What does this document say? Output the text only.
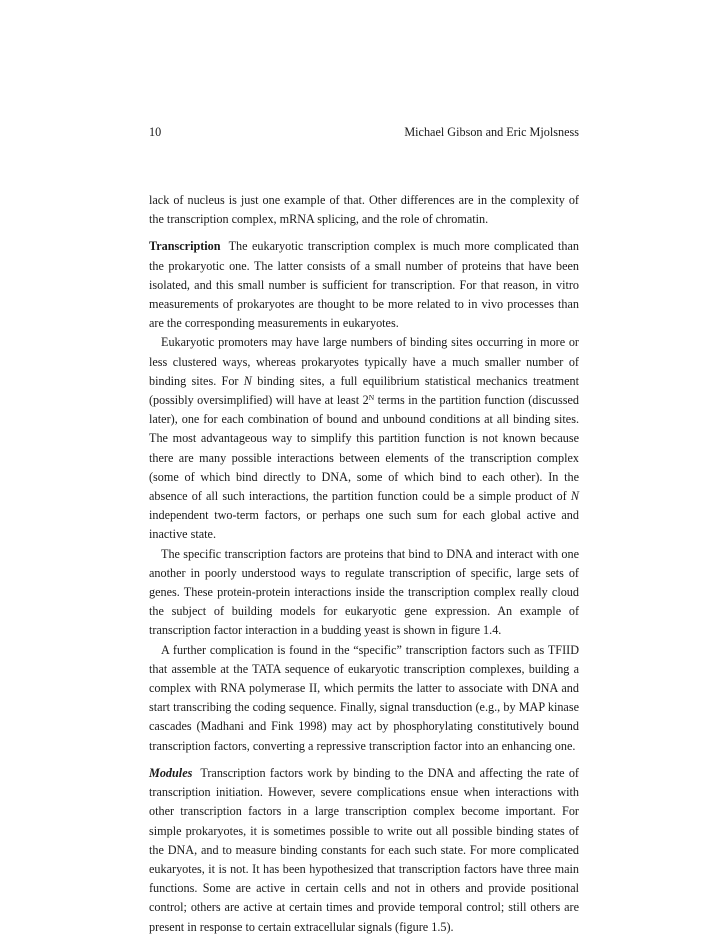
10	Michael Gibson and Eric Mjolsness

lack of nucleus is just one example of that. Other differences are in the complexity of the transcription complex, mRNA splicing, and the role of chromatin.

Transcription The eukaryotic transcription complex is much more complicated than the prokaryotic one. The latter consists of a small number of proteins that have been isolated, and this small number is sufficient for transcription. For that reason, in vitro measurements of prokaryotes are thought to be more related to in vivo processes than are the corresponding measurements in eukaryotes.

Eukaryotic promoters may have large numbers of binding sites occurring in more or less clustered ways, whereas prokaryotes typically have a much smaller number of binding sites. For N binding sites, a full equilibrium statistical mechanics treatment (possibly oversimplified) will have at least $2^N$ terms in the partition function (discussed later), one for each combination of bound and unbound conditions at all binding sites. The most advantageous way to simplify this partition function is not known because there are many possible interactions between elements of the transcription complex (some of which bind directly to DNA, some of which bind to each other). In the absence of all such interactions, the partition function could be a simple product of N independent two-term factors, or perhaps one such sum for each global active and inactive state.

The specific transcription factors are proteins that bind to DNA and interact with one another in poorly understood ways to regulate transcription of specific, large sets of genes. These protein-protein interactions inside the transcription complex really cloud the subject of building models for eukaryotic gene expression. An example of transcription factor interaction in a budding yeast is shown in figure 1.4.

A further complication is found in the “specific” transcription factors such as TFIID that assemble at the TATA sequence of eukaryotic transcription complexes, building a complex with RNA polymerase II, which permits the latter to associate with DNA and start transcribing the coding sequence. Finally, signal transduction (e.g., by MAP kinase cascades (Madhani and Fink 1998) may act by phosphorylating constitutively bound transcription factors, converting a repressive transcription factor into an enhancing one.

Modules Transcription factors work by binding to the DNA and affecting the rate of transcription initiation. However, severe complications ensue when interactions with other transcription factors in a large transcription complex become important. For simple prokaryotes, it is sometimes possible to write out all possible binding states of the DNA, and to measure binding constants for each such state. For more complicated eukaryotes, it is not. It has been hypothesized that transcription factors have three main functions. Some are active in certain cells and not in others and provide positional control; others are active at certain times and provide temporal control; still others are present in response to certain extracellular signals (figure 1.5).
